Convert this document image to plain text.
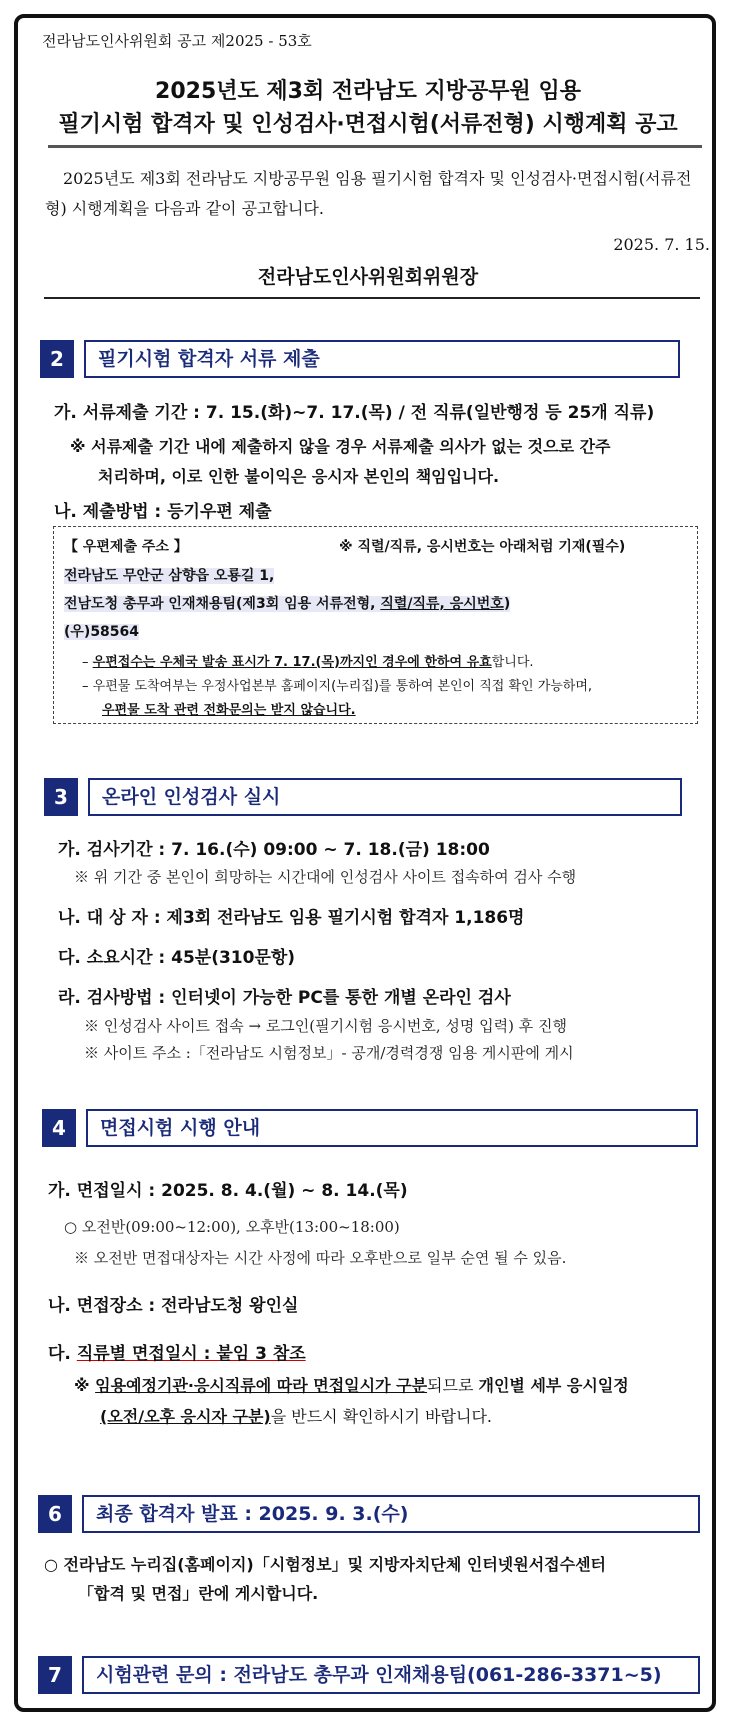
전라남도인사위원회 공고 제2025 - 53호
2025년도 제3회 전라남도 지방공무원 임용
필기시험 합격자 및 인성검사·면접시험(서류전형) 시행계획 공고
2025년도 제3회 전라남도 지방공무원 임용 필기시험 합격자 및 인성검사·면접시험(서류전형) 시행계획을 다음과 같이 공고합니다.
2025. 7. 15.
전라남도인사위원회위원장
2	필기시험 합격자 서류 제출
가. 서류제출 기간 : 7. 15.(화)~7. 17.(목) / 전 직류(일반행정 등 25개 직류)
※ 서류제출 기간 내에 제출하지 않을 경우 서류제출 의사가 없는 것으로 간주
처리하며, 이로 인한 불이익은 응시자 본인의 책임입니다.
나. 제출방법 : 등기우편 제출
【 우편제출 주소 】	※ 직렬/직류, 응시번호는 아래처럼 기재(필수)
전라남도 무안군 삼향읍 오룡길 1,
전남도청 총무과 인재채용팀(제3회 임용 서류전형, 직렬/직류, 응시번호)
(우)58564
– 우편접수는 우체국 발송 표시가 7. 17.(목)까지인 경우에 한하여 유효합니다.
– 우편물 도착여부는 우정사업본부 홈페이지(누리집)를 통하여 본인이 직접 확인 가능하며,
우편물 도착 관련 전화문의는 받지 않습니다.
3	온라인 인성검사 실시
가. 검사기간 : 7. 16.(수) 09:00 ~ 7. 18.(금) 18:00
※ 위 기간 중 본인이 희망하는 시간대에 인성검사 사이트 접속하여 검사 수행
나. 대 상 자 : 제3회 전라남도 임용 필기시험 합격자 1,186명
다. 소요시간 : 45분(310문항)
라. 검사방법 : 인터넷이 가능한 PC를 통한 개별 온라인 검사
※ 인성검사 사이트 접속 → 로그인(필기시험 응시번호, 성명 입력) 후 진행
※ 사이트 주소 :「전라남도 시험정보」- 공개/경력경쟁 임용 게시판에 게시
4	면접시험 시행 안내
가. 면접일시 : 2025. 8. 4.(월) ~ 8. 14.(목)
○ 오전반(09:00~12:00), 오후반(13:00~18:00)
※ 오전반 면접대상자는 시간 사정에 따라 오후반으로 일부 순연 될 수 있음.
나. 면접장소 : 전라남도청 왕인실
다. 직류별 면접일시 : 붙임 3 참조
※ 임용예정기관·응시직류에 따라 면접일시가 구분되므로 개인별 세부 응시일정
(오전/오후 응시자 구분)을 반드시 확인하시기 바랍니다.
6	최종 합격자 발표 : 2025. 9. 3.(수)
○ 전라남도 누리집(홈페이지)「시험정보」및 지방자치단체 인터넷원서접수센터
「합격 및 면접」란에 게시합니다.
7	시험관련 문의 : 전라남도 총무과 인재채용팀(061-286-3371~5)
